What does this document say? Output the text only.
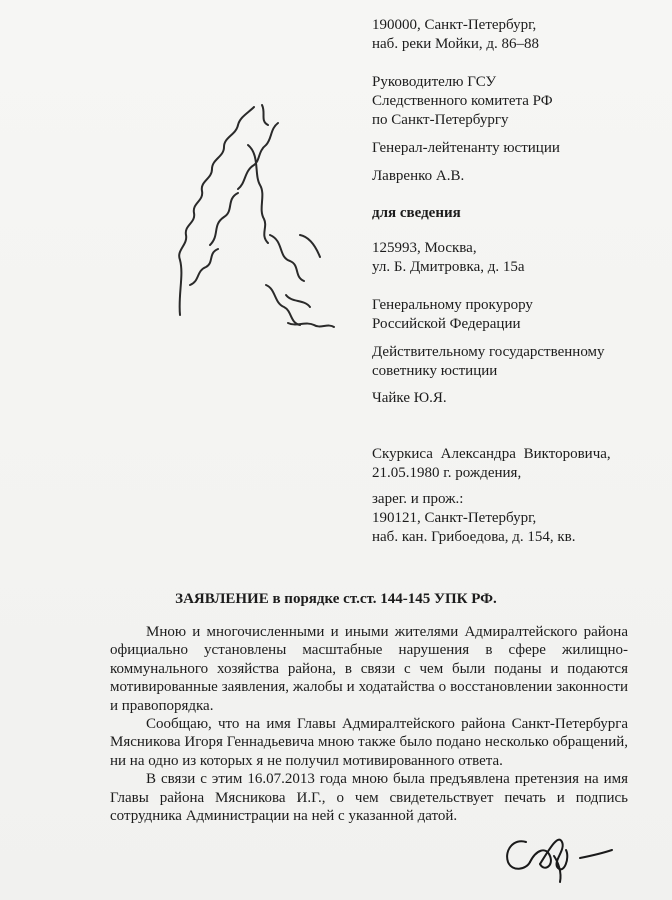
190000, Санкт-Петербург,
наб. реки Мойки, д. 86–88
Руководителю ГСУ
Следственного комитета РФ
по Санкт-Петербургу
Генерал-лейтенанту юстиции
Лавренко А.В.
для сведения
125993, Москва,
ул. Б. Дмитровка, д. 15а
Генеральному прокурору
Российской Федерации
Действительному государственному
советнику юстиции
Чайке Ю.Я.
Скуркиса Александра Викторовича,
21.05.1980 г. рождения,
зарег. и прож.:
190121, Санкт-Петербург,
наб. кан. Грибоедова, д. 154, кв.
ЗАЯВЛЕНИЕ в порядке ст.ст. 144-145 УПК РФ.

Мною и многочисленными и иными жителями Адмиралтейского района официально установлены масштабные нарушения в сфере жилищно-коммунального хозяйства района, в связи с чем были поданы и подаются мотивированные заявления, жалобы и ходатайства о восстановлении законности и правопорядка.

Сообщаю, что на имя Главы Адмиралтейского района Санкт-Петербурга Мясникова Игоря Геннадьевича мною также было подано несколько обращений, ни на одно из которых я не получил мотивированного ответа.

В связи с этим 16.07.2013 года мною была предъявлена претензия на имя Главы района Мясникова И.Г., о чем свидетельствует печать и подпись сотрудника Администрации на ней с указанной датой.
